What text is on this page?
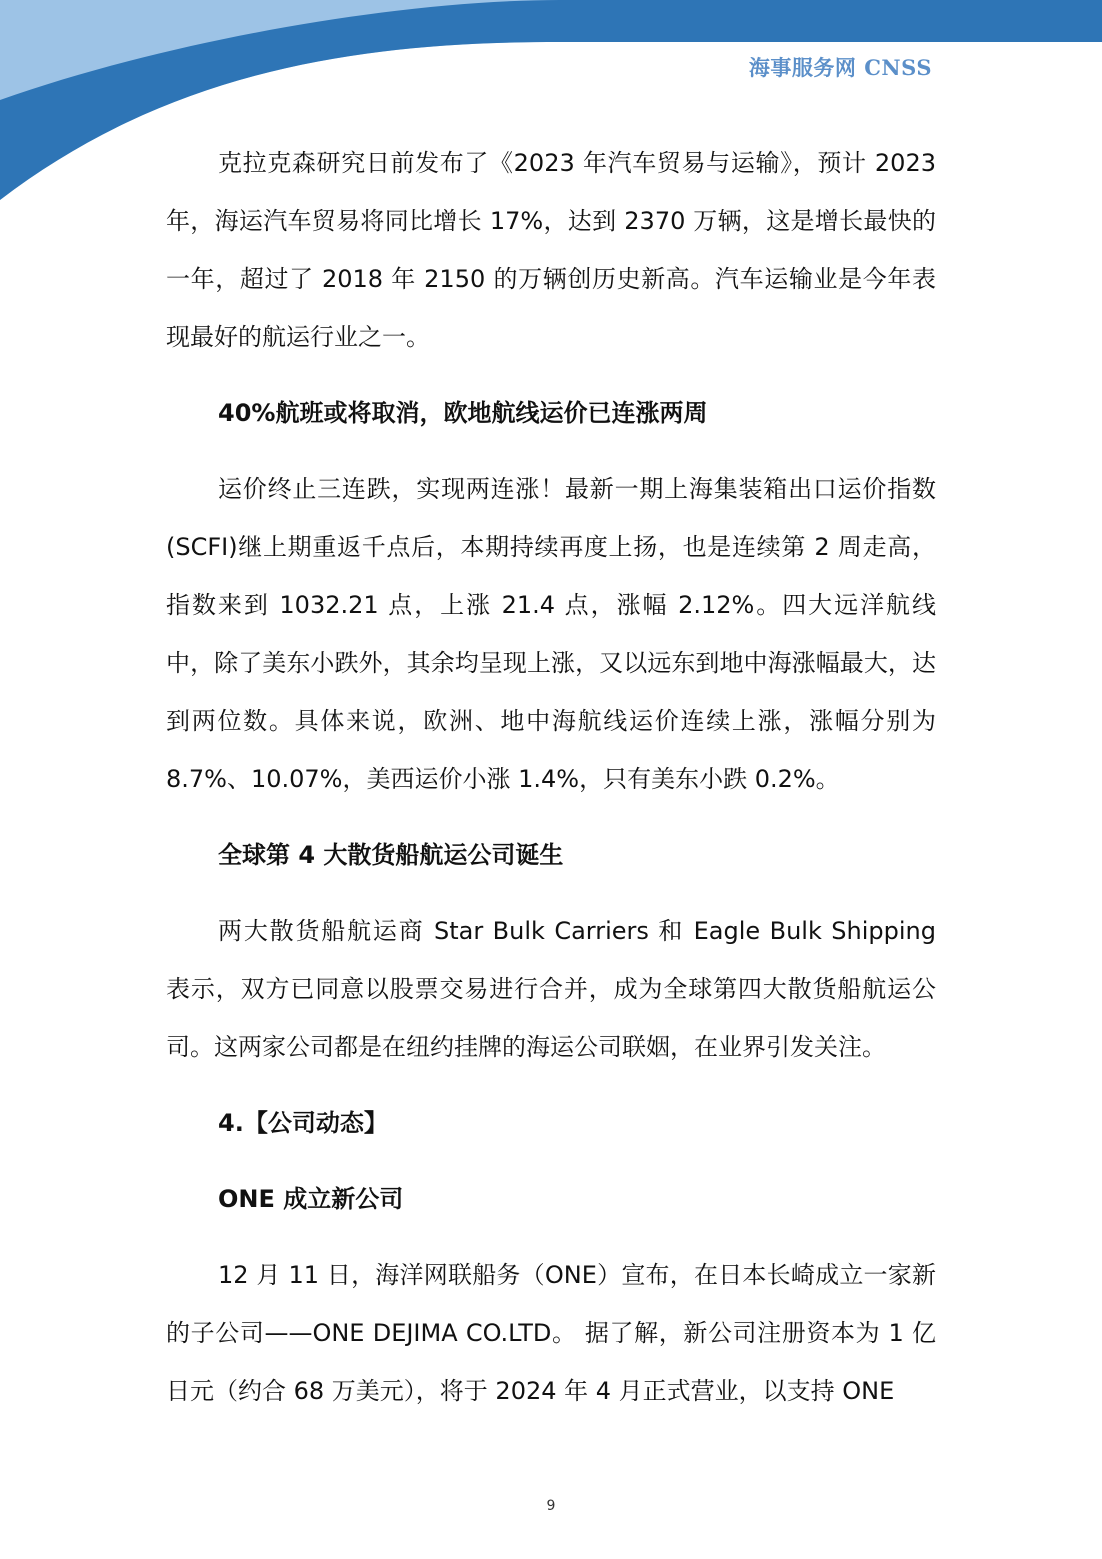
海事服务网 CNSS

克拉克森研究日前发布了《2023 年汽车贸易与运输》，预计 2023 年，海运汽车贸易将同比增长 17%，达到 2370 万辆，这是增长最快的一年，超过了 2018 年 2150 的万辆创历史新高。汽车运输业是今年表现最好的航运行业之一。

40%航班或将取消，欧地航线运价已连涨两周

运价终止三连跌，实现两连涨！最新一期上海集装箱出口运价指数(SCFI)继上期重返千点后，本期持续再度上扬，也是连续第 2 周走高，指数来到 1032.21 点，上涨 21.4 点，涨幅 2.12%。四大远洋航线中，除了美东小跌外，其余均呈现上涨，又以远东到地中海涨幅最大，达到两位数。具体来说，欧洲、地中海航线运价连续上涨，涨幅分别为 8.7%、10.07%，美西运价小涨 1.4%，只有美东小跌 0.2%。

全球第 4 大散货船航运公司诞生

两大散货船航运商 Star Bulk Carriers 和 Eagle Bulk Shipping 表示，双方已同意以股票交易进行合并，成为全球第四大散货船航运公司。这两家公司都是在纽约挂牌的海运公司联姻，在业界引发关注。

4.【公司动态】

ONE 成立新公司

12 月 11 日，海洋网联船务（ONE）宣布，在日本长崎成立一家新的子公司——ONE DEJIMA CO.LTD。 据了解，新公司注册资本为 1 亿日元（约合 68 万美元），将于 2024 年 4 月正式营业，以支持 ONE

9
